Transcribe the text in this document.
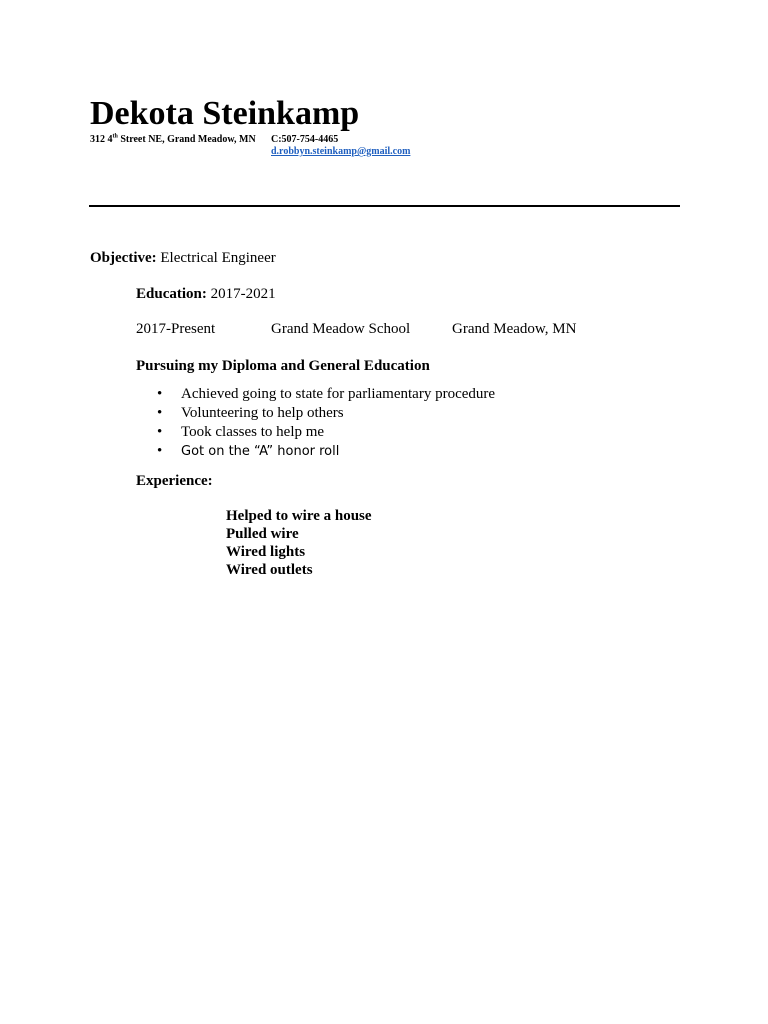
Dekota Steinkamp
312 4th Street NE, Grand Meadow, MN C:507-754-4465
d.robbyn.steinkamp@gmail.com
Objective: Electrical Engineer
Education: 2017-2021
2017-Present	Grand Meadow School	Grand Meadow, MN
Pursuing my Diploma and General Education
• Achieved going to state for parliamentary procedure
• Volunteering to help others
• Took classes to help me
• Got on the “A” honor roll
Experience:
Helped to wire a house
Pulled wire
Wired lights
Wired outlets
